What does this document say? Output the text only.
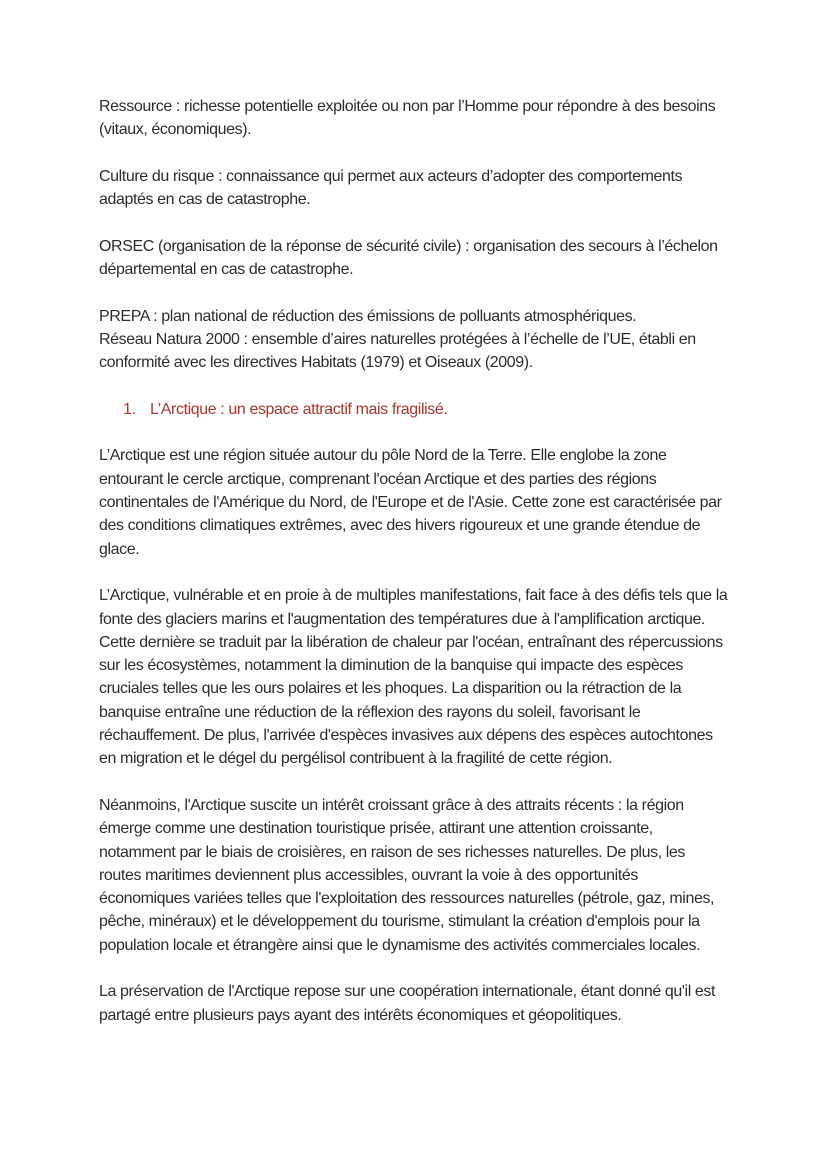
Ressource : richesse potentielle exploitée ou non par l’Homme pour répondre à des besoins (vitaux, économiques).

Culture du risque : connaissance qui permet aux acteurs d’adopter des comportements adaptés en cas de catastrophe.

ORSEC (organisation de la réponse de sécurité civile) : organisation des secours à l’échelon départemental en cas de catastrophe.

PREPA : plan national de réduction des émissions de polluants atmosphériques.

Réseau Natura 2000 : ensemble d’aires naturelles protégées à l’échelle de l’UE, établi en conformité avec les directives Habitats (1979) et Oiseaux (2009).

1. L’Arctique : un espace attractif mais fragilisé.

L’Arctique est une région située autour du pôle Nord de la Terre. Elle englobe la zone entourant le cercle arctique, comprenant l'océan Arctique et des parties des régions continentales de l'Amérique du Nord, de l'Europe et de l'Asie. Cette zone est caractérisée par des conditions climatiques extrêmes, avec des hivers rigoureux et une grande étendue de glace.

L’Arctique, vulnérable et en proie à de multiples manifestations, fait face à des défis tels que la fonte des glaciers marins et l'augmentation des températures due à l'amplification arctique. Cette dernière se traduit par la libération de chaleur par l'océan, entraînant des répercussions sur les écosystèmes, notamment la diminution de la banquise qui impacte des espèces cruciales telles que les ours polaires et les phoques. La disparition ou la rétraction de la banquise entraîne une réduction de la réflexion des rayons du soleil, favorisant le réchauffement. De plus, l'arrivée d'espèces invasives aux dépens des espèces autochtones en migration et le dégel du pergélisol contribuent à la fragilité de cette région.

Néanmoins, l'Arctique suscite un intérêt croissant grâce à des attraits récents : la région émerge comme une destination touristique prisée, attirant une attention croissante, notamment par le biais de croisières, en raison de ses richesses naturelles. De plus, les routes maritimes deviennent plus accessibles, ouvrant la voie à des opportunités économiques variées telles que l'exploitation des ressources naturelles (pétrole, gaz, mines, pêche, minéraux) et le développement du tourisme, stimulant la création d'emplois pour la population locale et étrangère ainsi que le dynamisme des activités commerciales locales.

La préservation de l'Arctique repose sur une coopération internationale, étant donné qu'il est partagé entre plusieurs pays ayant des intérêts économiques et géopolitiques.
